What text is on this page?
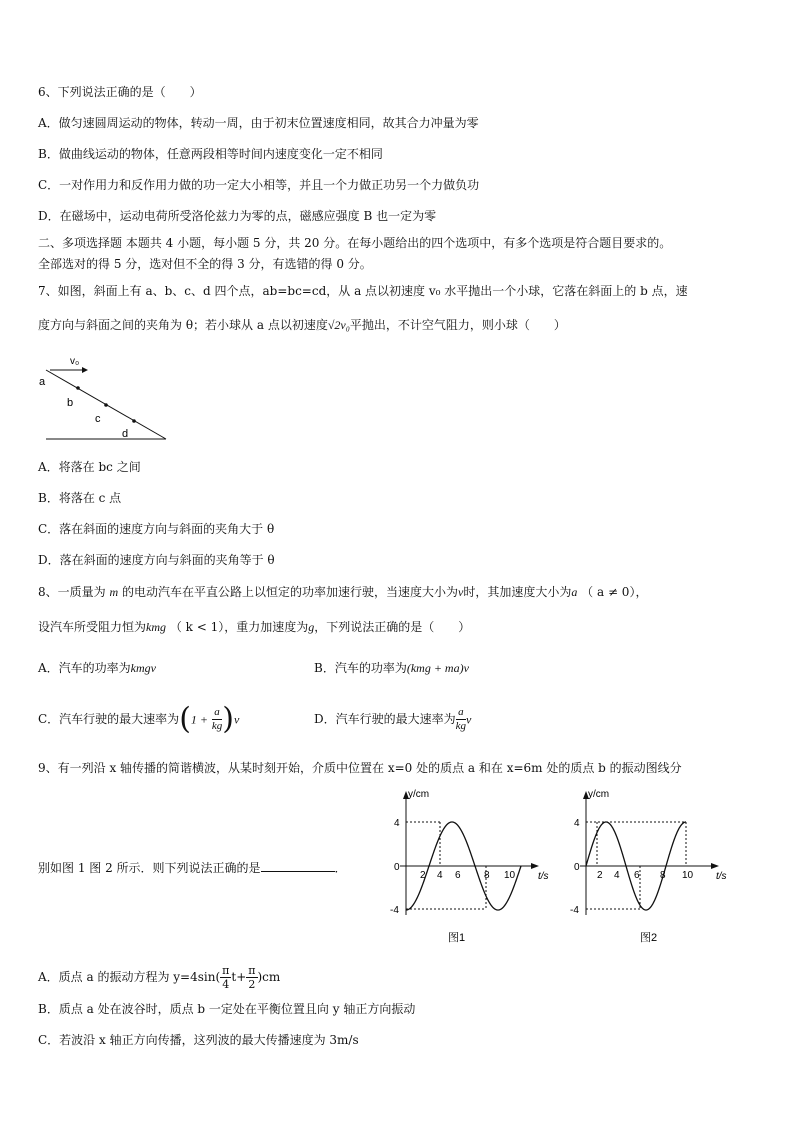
6、下列说法正确的是（　　）
A．做匀速圆周运动的物体，转动一周，由于初末位置速度相同，故其合力冲量为零
B．做曲线运动的物体，任意两段相等时间内速度变化一定不相同
C．一对作用力和反作用力做的功一定大小相等，并且一个力做正功另一个力做负功
D．在磁场中，运动电荷所受洛伦兹力为零的点，磁感应强度 B 也一定为零
二、多项选择题 本题共 4 小题，每小题 5 分，共 20 分。在每小题给出的四个选项中，有多个选项是符合题目要求的。
全部选对的得 5 分，选对但不全的得 3 分，有选错的得 0 分。
7、如图，斜面上有 a、b、c、d 四个点，ab=bc=cd，从 a 点以初速度 v₀ 水平抛出一个小球，它落在斜面上的 b 点，速
度方向与斜面之间的夹角为 θ；若小球从 a 点以初速度√2v₀平抛出，不计空气阻力，则小球（　　）
v₀
a
b
c
d
A．将落在 bc 之间
B．将落在 c 点
C．落在斜面的速度方向与斜面的夹角大于 θ
D．落在斜面的速度方向与斜面的夹角等于 θ
8、一质量为 m 的电动汽车在平直公路上以恒定的功率加速行驶，当速度大小为v时，其加速度大小为a （ a ≠ 0），
设汽车所受阻力恒为kmg （ k < 1），重力加速度为g，下列说法正确的是（　　）
A．汽车的功率为kmgv	B．汽车的功率为(kmg + ma)v
C．汽车行驶的最大速率为$(1 + \frac{a}{kg} )v$	D．汽车行驶的最大速率为 $\frac{a}{kg}$ v
9、有一列沿 x 轴传播的简谐横波，从某时刻开始，介质中位置在 x=0 处的质点 a 和在 x=6m 处的质点 b 的振动图线分
别如图 1 图 2 所示．则下列说法正确的是	．
y/cm
t/s
4
0
-4
2 4 6 8 10
图1
y/cm
t/s
4
0
-4
2 4 6 8 10
图2
A．质点 a 的振动方程为 $y=4\sin( \frac{\pi}{4} t+ \frac{\pi}{2} )cm$
B．质点 a 处在波谷时，质点 b 一定处在平衡位置且向 y 轴正方向振动
C．若波沿 x 轴正方向传播，这列波的最大传播速度为 3m/s
